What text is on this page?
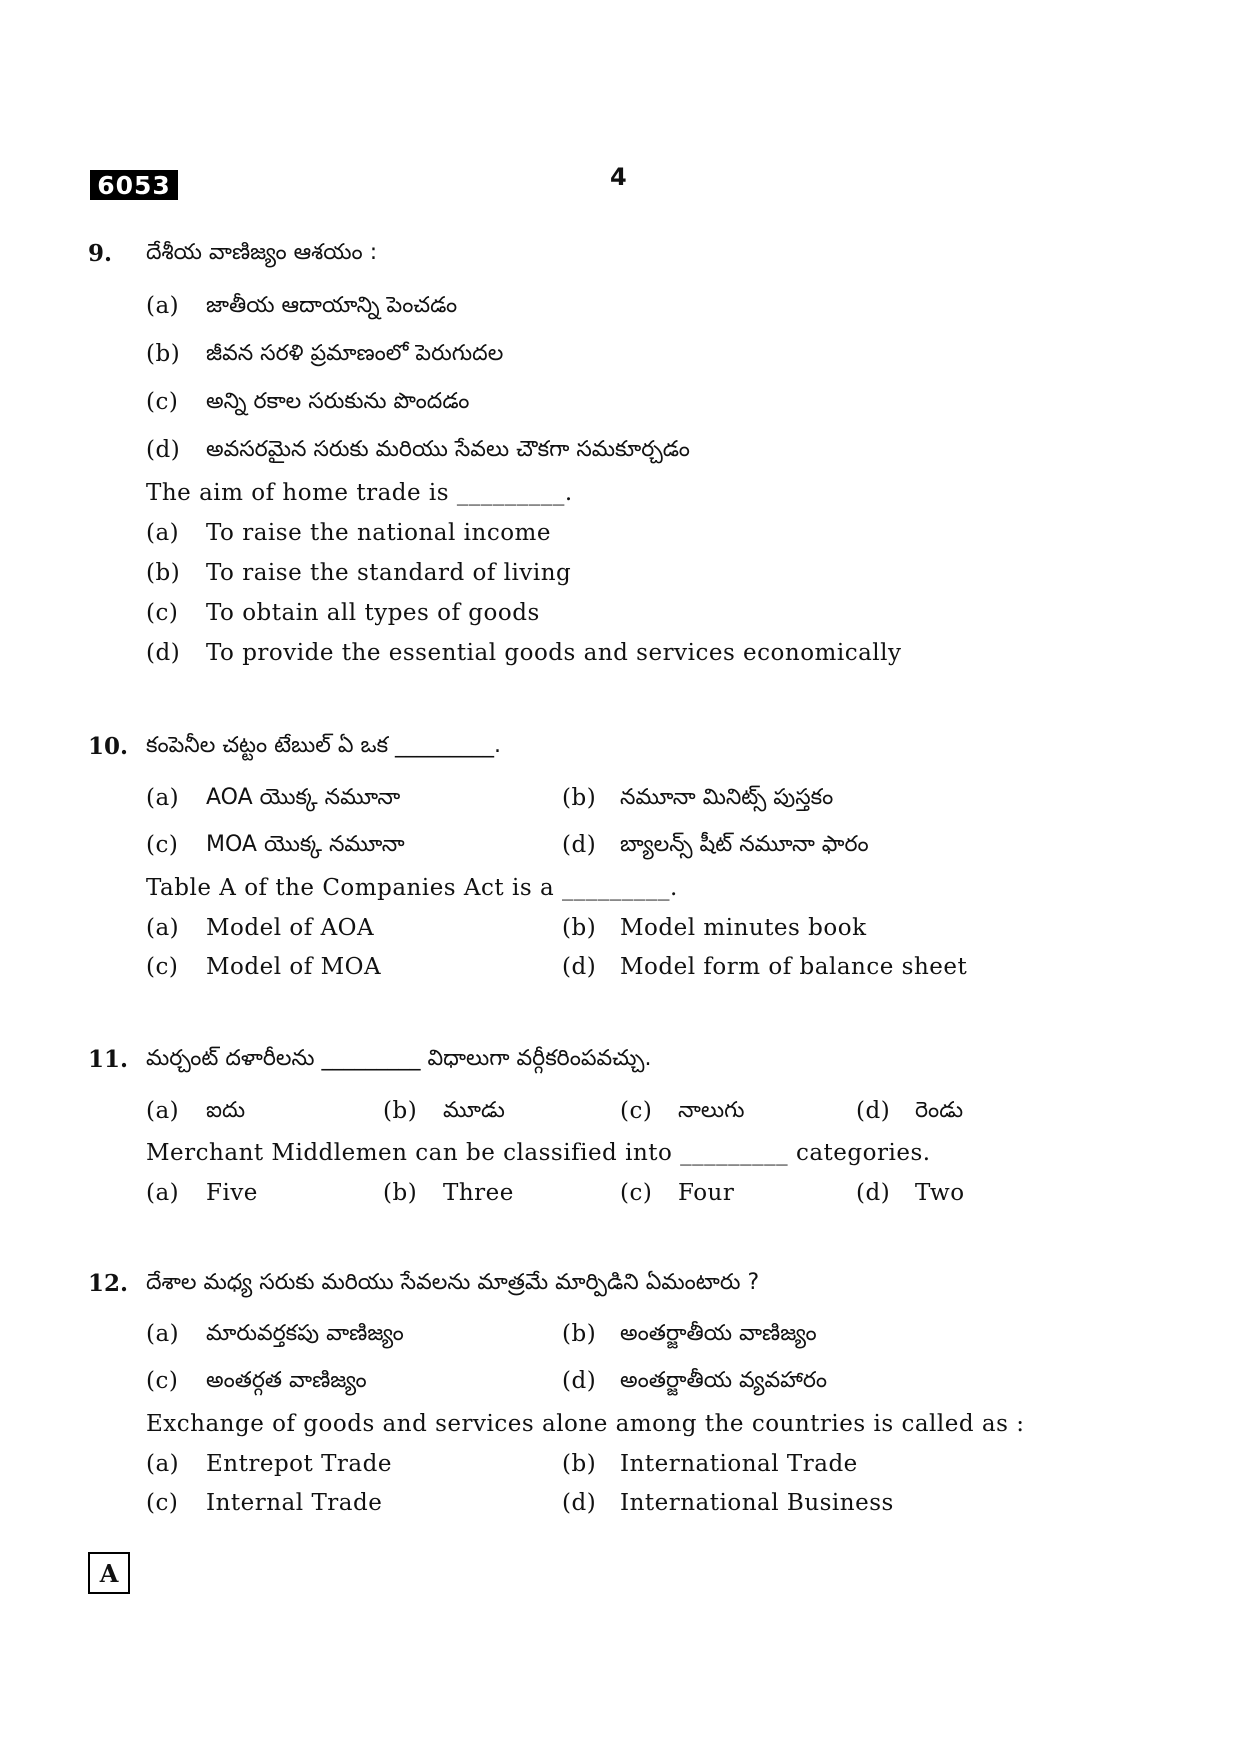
6053	4
9. దేశీయ వాణిజ్యం ఆశయం :
(a) జాతీయ ఆదాయాన్ని పెంచడం
(b) జీవన సరళి ప్రమాణంలో పెరుగుదల
(c) అన్ని రకాల సరుకును పొందడం
(d) అవసరమైన సరుకు మరియు సేవలు చౌకగా సమకూర్చడం
The aim of home trade is _________.
(a) To raise the national income
(b) To raise the standard of living
(c) To obtain all types of goods
(d) To provide the essential goods and services economically
10. కంపెనీల చట్టం టేబుల్ ఏ ఒక _________.
(a) AOA యొక్క నమూనా	(b) నమూనా మినిట్స్ పుస్తకం
(c) MOA యొక్క నమూనా	(d) బ్యాలన్స్ షీట్ నమూనా ఫారం
Table A of the Companies Act is a _________.
(a) Model of AOA	(b) Model minutes book
(c) Model of MOA	(d) Model form of balance sheet
11. మర్చంట్ దళారీలను _________ విధాలుగా వర్గీకరింపవచ్చు.
(a) ఐదు	(b) మూడు	(c) నాలుగు	(d) రెండు
Merchant Middlemen can be classified into _________ categories.
(a) Five	(b) Three	(c) Four	(d) Two
12. దేశాల మధ్య సరుకు మరియు సేవలను మాత్రమే మార్పిడిని ఏమంటారు ?
(a) మారువర్తకపు వాణిజ్యం	(b) అంతర్జాతీయ వాణిజ్యం
(c) అంతర్గత వాణిజ్యం	(d) అంతర్జాతీయ వ్యవహారం
Exchange of goods and services alone among the countries is called as :
(a) Entrepot Trade	(b) International Trade
(c) Internal Trade	(d) International Business
A
